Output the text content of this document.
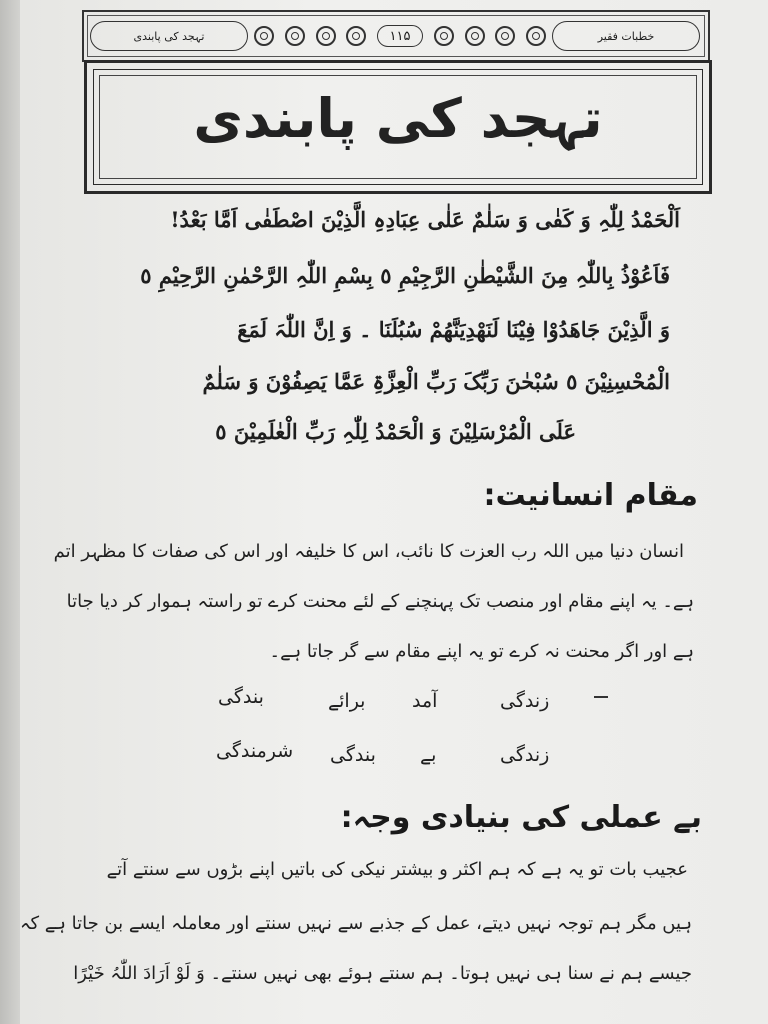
خطبات فقیر
۱۱۵
تہجد کی پابندی
تہجد کی پابندی
اَلْحَمْدُ لِلّٰہِ وَ کَفٰی وَ سَلٰمٌ عَلٰی عِبَادِہِ الَّذِیْنَ اصْطَفٰی اَمَّا بَعْدُ!
فَاَعُوْذُ بِاللّٰہِ مِنَ الشَّیْطٰنِ الرَّجِیْمِ ٥ بِسْمِ اللّٰہِ الرَّحْمٰنِ الرَّحِیْمِ ٥
وَ الَّذِیْنَ جَاھَدُوْا فِیْنَا لَنَھْدِیَنَّھُمْ سُبُلَنَا ۔ وَ اِنَّ اللّٰہَ لَمَعَ
الْمُحْسِنِیْنَ ٥ سُبْحٰنَ رَبِّکَ رَبِّ الْعِزَّۃِ عَمَّا یَصِفُوْنَ وَ سَلٰمٌ
عَلَی الْمُرْسَلِیْنَ وَ الْحَمْدُ لِلّٰہِ رَبِّ الْعٰلَمِیْنَ ٥
مقام انسانیت:
انسان دنیا میں اللہ رب العزت کا نائب، اس کا خلیفہ اور اس کی صفات کا مظہر اتم
ہے۔ یہ اپنے مقام اور منصب تک پہنچنے کے لئے محنت کرے تو راستہ ہموار کر دیا جاتا
ہے اور اگر محنت نہ کرے تو یہ اپنے مقام سے گر جاتا ہے۔
زندگی
آمد
برائے
بندگی
زندگی
بے
بندگی
شرمندگی
بے عملی کی بنیادی وجہ:
عجیب بات تو یہ ہے کہ ہم اکثر و بیشتر نیکی کی باتیں اپنے بڑوں سے سنتے آتے
ہیں مگر ہم توجہ نہیں دیتے، عمل کے جذبے سے نہیں سنتے اور معاملہ ایسے بن جاتا ہے کہ
جیسے ہم نے سنا ہی نہیں ہوتا۔ ہم سنتے ہوئے بھی نہیں سنتے۔ وَ لَوْ اَرَادَ اللّٰہُ خَیْرًا
